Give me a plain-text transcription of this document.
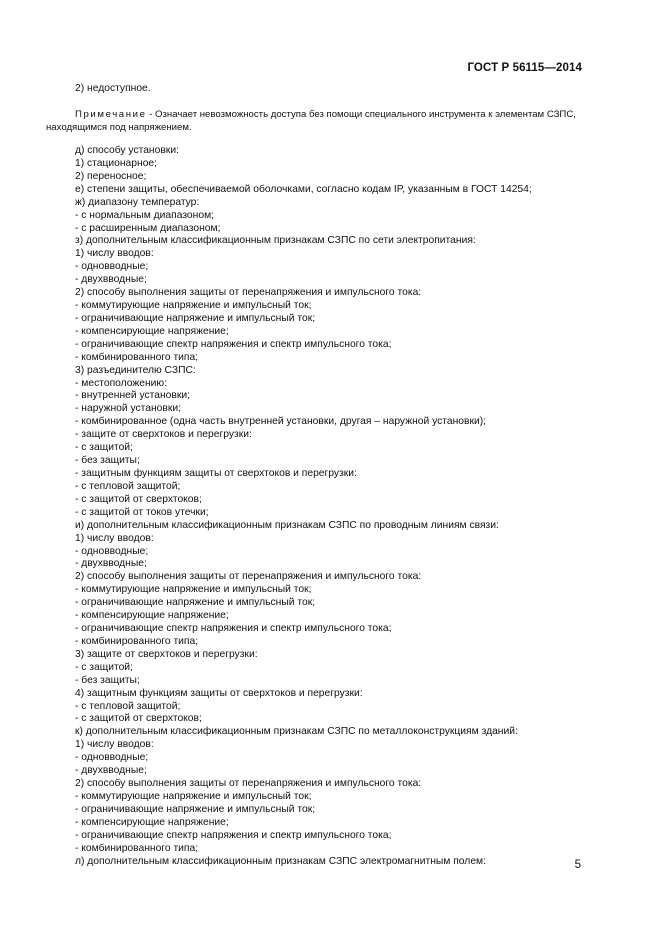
ГОСТ Р 56115—2014
2) недоступное.
Примечание - Означает невозможность доступа без помощи специального инструмента к элементам СЗПС, находящимся под напряжением.
д) способу установки:
1) стационарное;
2) переносное;
е) степени защиты, обеспечиваемой оболочками, согласно кодам IP, указанным в ГОСТ 14254;
ж) диапазону температур:
- с нормальным диапазоном;
- с расширенным диапазоном;
з) дополнительным классификационным признакам СЗПС по сети электропитания:
1) числу вводов:
- одновводные;
- двухвводные;
2) способу выполнения защиты от перенапряжения и импульсного тока:
- коммутирующие напряжение и импульсный ток;
- ограничивающие напряжение и импульсный ток;
- компенсирующие напряжение;
- ограничивающие спектр напряжения и спектр импульсного тока;
- комбинированного типа;
3) разъединителю СЗПС:
- местоположению:
- внутренней установки;
- наружной установки;
- комбинированное (одна часть внутренней установки, другая – наружной установки);
- защите от сверхтоков и перегрузки:
- с защитой;
- без защиты;
- защитным функциям защиты от сверхтоков и перегрузки:
- с тепловой защитой;
- с защитой от сверхтоков;
- с защитой от токов утечки;
и) дополнительным классификационным признакам СЗПС по проводным линиям связи:
1) числу вводов:
- одновводные;
- двухвводные;
2) способу выполнения защиты от перенапряжения и импульсного тока:
- коммутирующие напряжение и импульсный ток;
- ограничивающие напряжение и импульсный ток;
- компенсирующие напряжение;
- ограничивающие спектр напряжения и спектр импульсного тока;
- комбинированного типа;
3) защите от сверхтоков и перегрузки:
- с защитой;
- без защиты;
4) защитным функциям защиты от сверхтоков и перегрузки:
- с тепловой защитой;
- с защитой от сверхтоков;
к) дополнительным классификационным признакам СЗПС по металлоконструкциям зданий:
1) числу вводов:
- одновводные;
- двухвводные;
2) способу выполнения защиты от перенапряжения и импульсного тока:
- коммутирующие напряжение и импульсный ток;
- ограничивающие напряжение и импульсный ток;
- компенсирующие напряжение;
- ограничивающие спектр напряжения и спектр импульсного тока;
- комбинированного типа;
л) дополнительным классификационным признакам СЗПС электромагнитным полем:	5
